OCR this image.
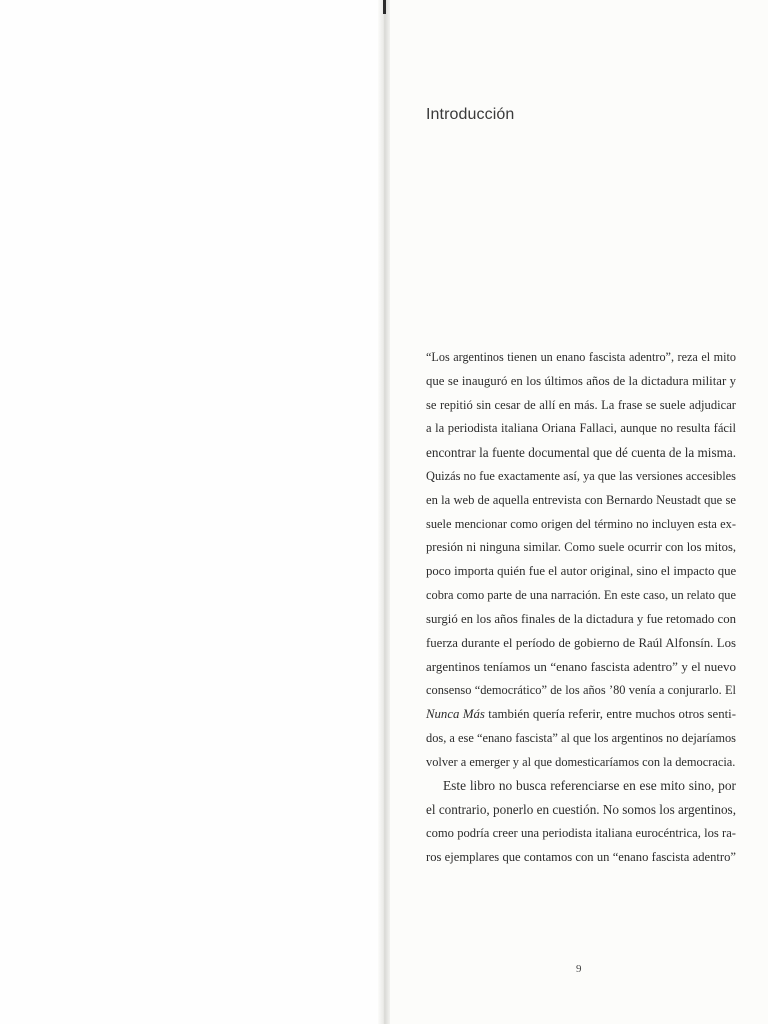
Introducción
“Los argentinos tienen un enano fascista adentro”, reza el mito
que se inauguró en los últimos años de la dictadura militar y
se repitió sin cesar de allí en más. La frase se suele adjudicar
a la periodista italiana Oriana Fallaci, aunque no resulta fácil
encontrar la fuente documental que dé cuenta de la misma.
Quizás no fue exactamente así, ya que las versiones accesibles
en la web de aquella entrevista con Bernardo Neustadt que se
suele mencionar como origen del término no incluyen esta ex-
presión ni ninguna similar. Como suele ocurrir con los mitos,
poco importa quién fue el autor original, sino el impacto que
cobra como parte de una narración. En este caso, un relato que
surgió en los años finales de la dictadura y fue retomado con
fuerza durante el período de gobierno de Raúl Alfonsín. Los
argentinos teníamos un “enano fascista adentro” y el nuevo
consenso “democrático” de los años ’80 venía a conjurarlo. El
Nunca Más también quería referir, entre muchos otros senti-
dos, a ese “enano fascista” al que los argentinos no dejaríamos
volver a emerger y al que domesticaríamos con la democracia.
Este libro no busca referenciarse en ese mito sino, por
el contrario, ponerlo en cuestión. No somos los argentinos,
como podría creer una periodista italiana eurocéntrica, los ra-
ros ejemplares que contamos con un “enano fascista adentro”
9
